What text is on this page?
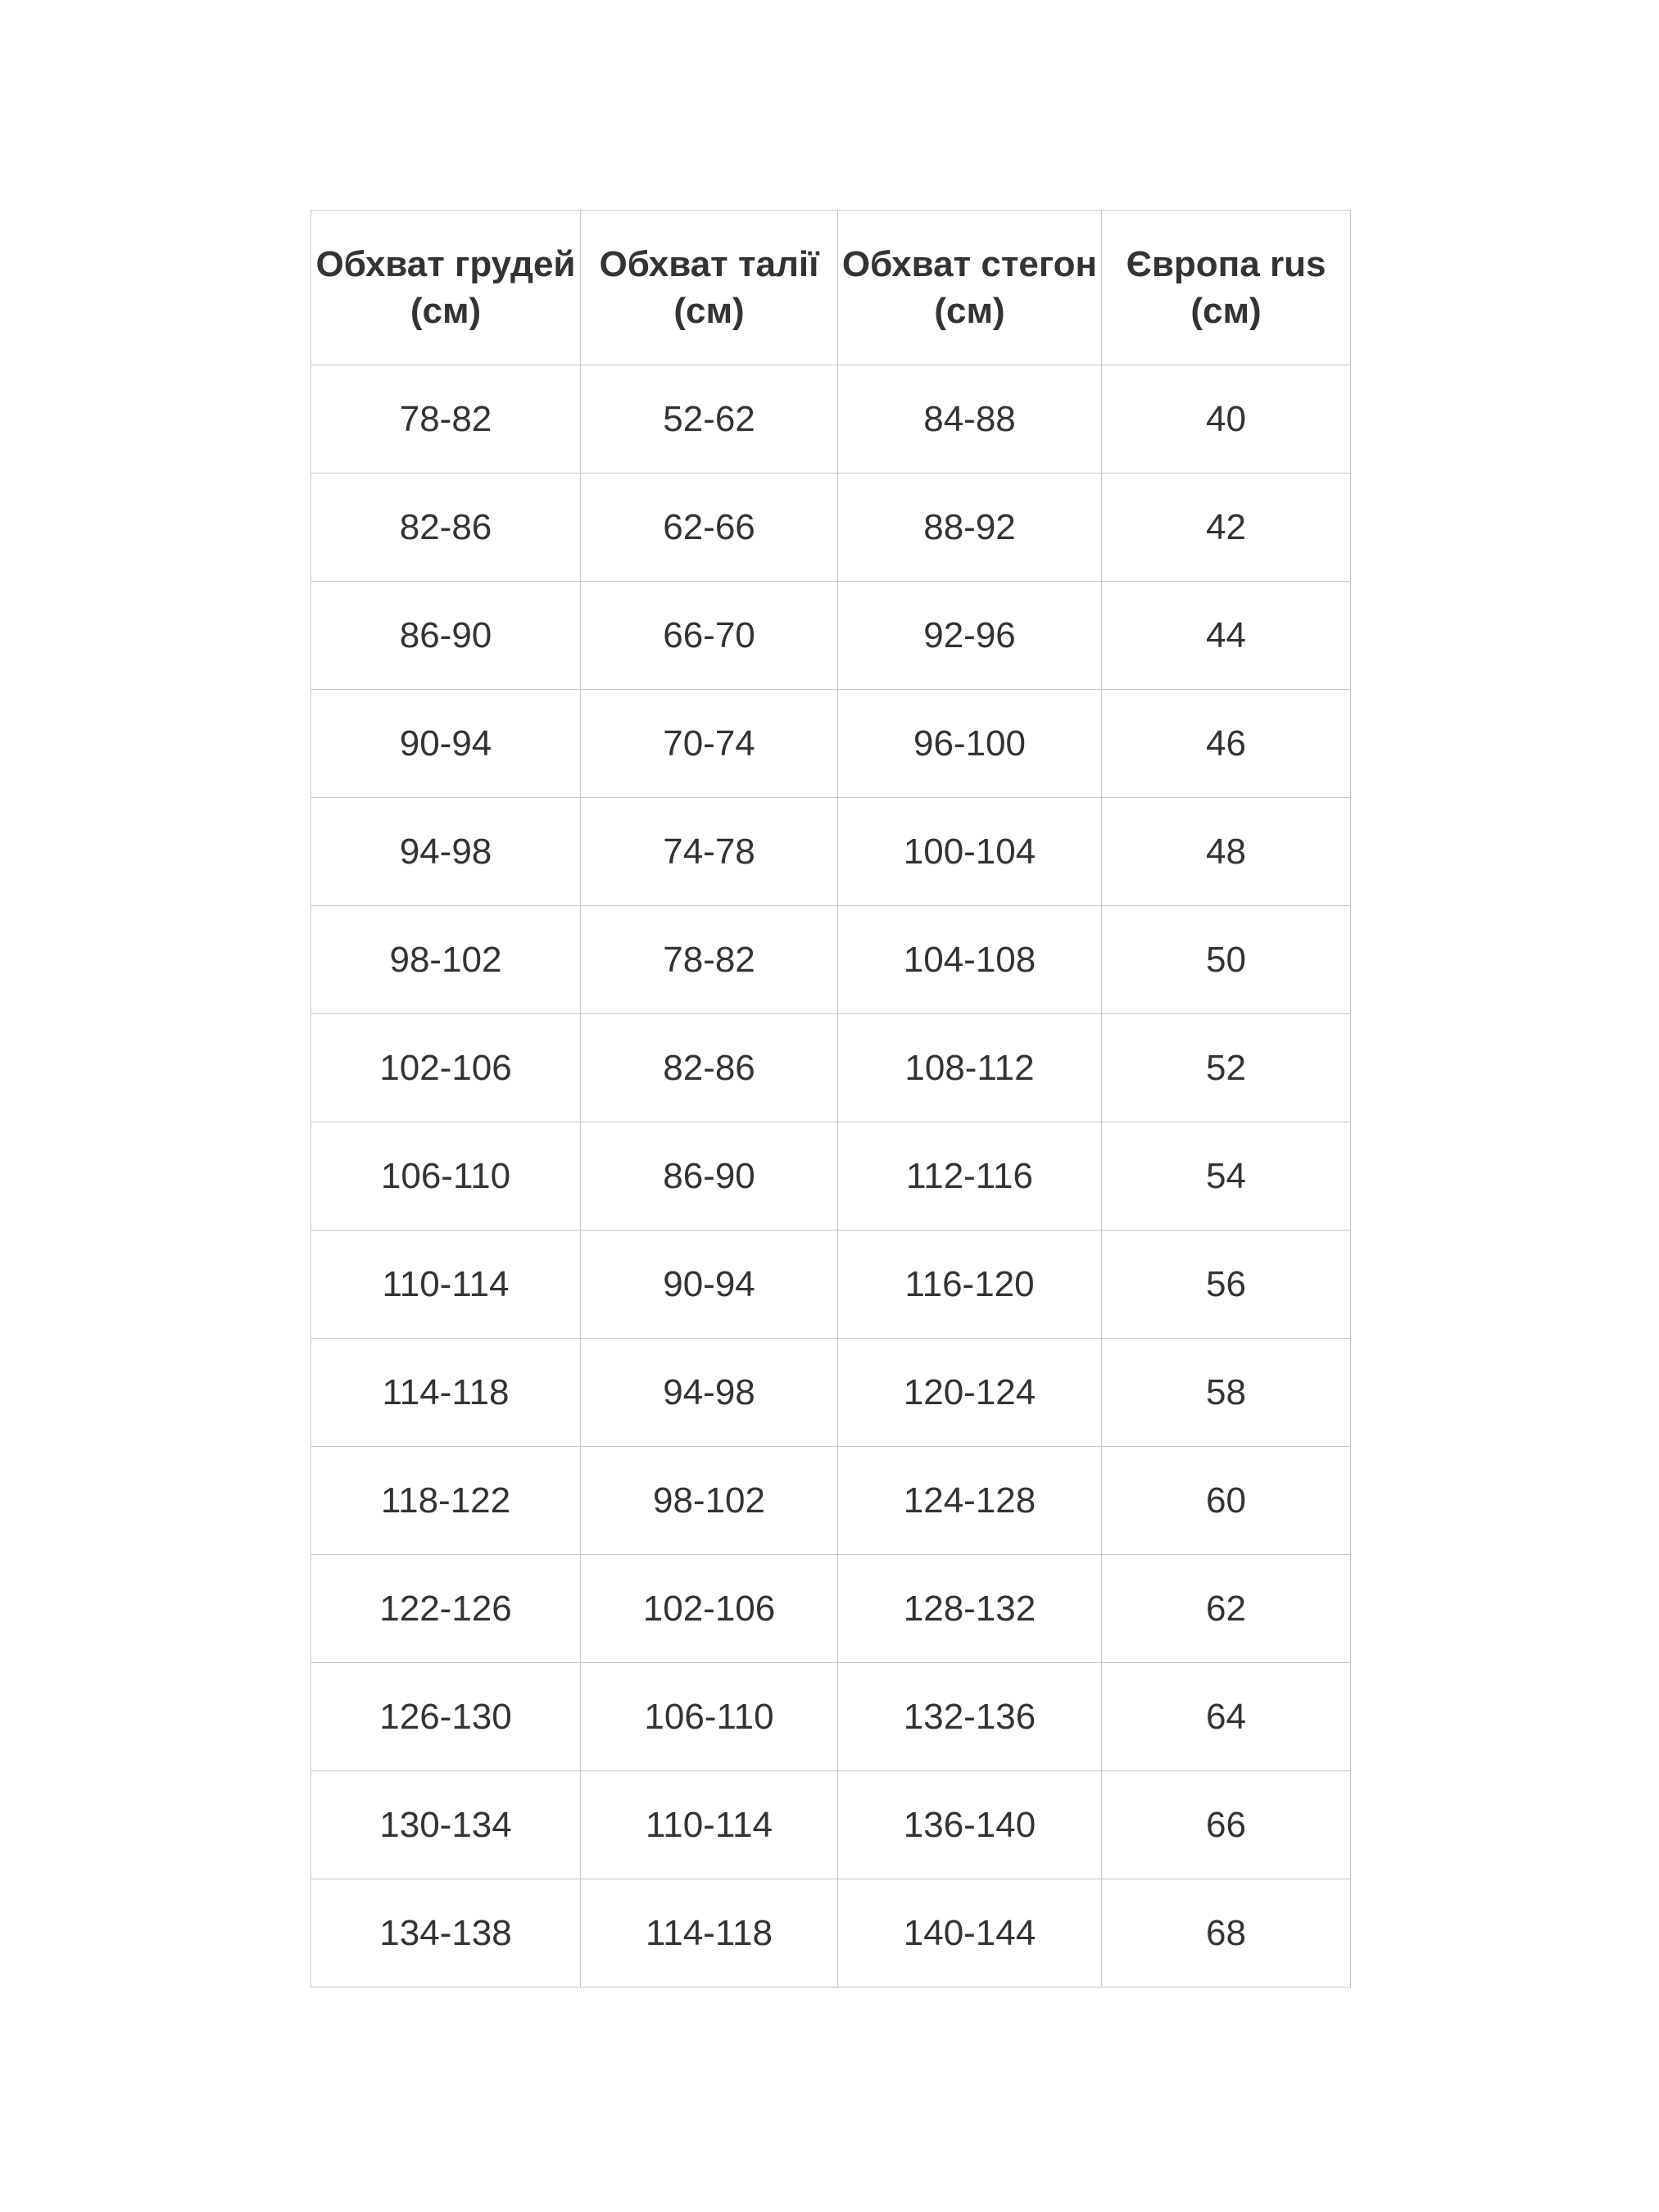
Обхват грудей (см)	Обхват талії (см)	Обхват стегон (см)	Європа rus (см)
78-82	52-62	84-88	40
82-86	62-66	88-92	42
86-90	66-70	92-96	44
90-94	70-74	96-100	46
94-98	74-78	100-104	48
98-102	78-82	104-108	50
102-106	82-86	108-112	52
106-110	86-90	112-116	54
110-114	90-94	116-120	56
114-118	94-98	120-124	58
118-122	98-102	124-128	60
122-126	102-106	128-132	62
126-130	106-110	132-136	64
130-134	110-114	136-140	66
134-138	114-118	140-144	68
